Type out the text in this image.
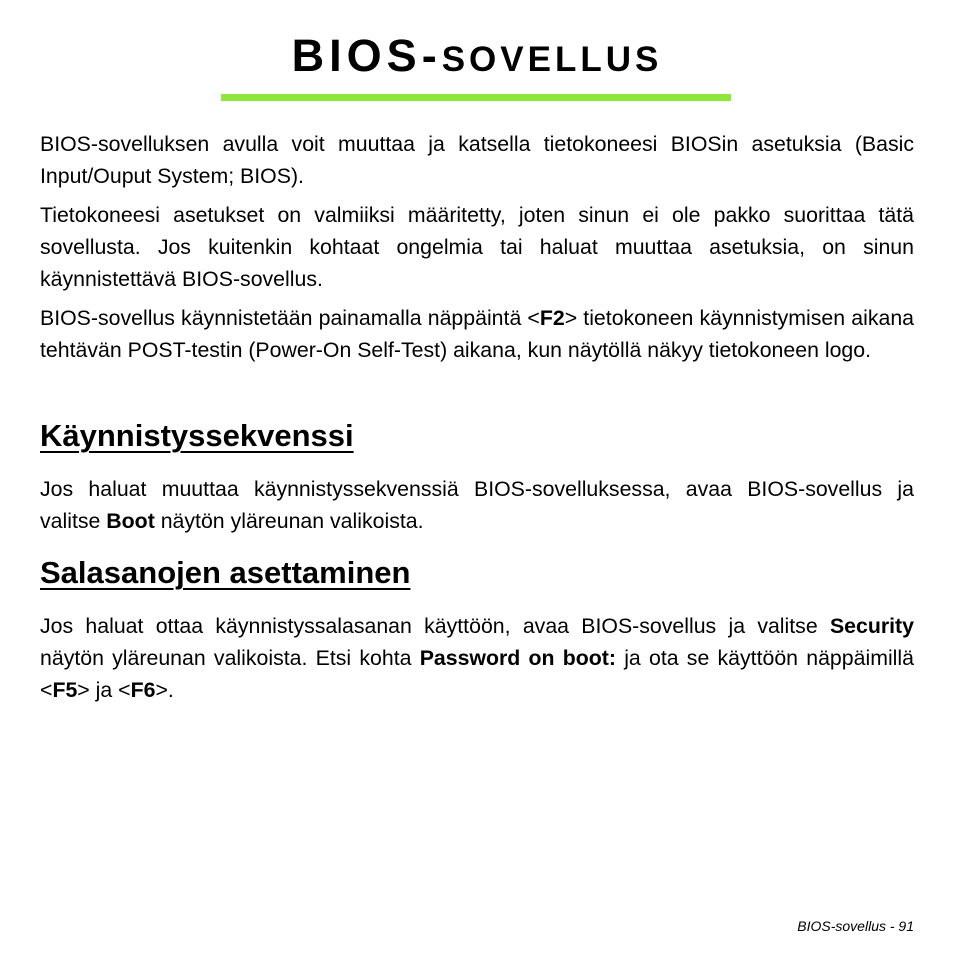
BIOS-SOVELLUS

BIOS-sovelluksen avulla voit muuttaa ja katsella tietokoneesi BIOSin asetuksia (Basic Input/Ouput System; BIOS).

Tietokoneesi asetukset on valmiiksi määritetty, joten sinun ei ole pakko suorittaa tätä sovellusta. Jos kuitenkin kohtaat ongelmia tai haluat muuttaa asetuksia, on sinun käynnistettävä BIOS-sovellus.

BIOS-sovellus käynnistetään painamalla näppäintä <F2> tietokoneen käynnistymisen aikana tehtävän POST-testin (Power-On Self-Test) aikana, kun näytöllä näkyy tietokoneen logo.

Käynnistyssekvenssi

Jos haluat muuttaa käynnistyssekvenssiä BIOS-sovelluksessa, avaa BIOS-sovellus ja valitse Boot näytön yläreunan valikoista.

Salasanojen asettaminen

Jos haluat ottaa käynnistyssalasanan käyttöön, avaa BIOS-sovellus ja valitse Security näytön yläreunan valikoista. Etsi kohta Password on boot: ja ota se käyttöön näppäimillä <F5> ja <F6>.

BIOS-sovellus - 91
